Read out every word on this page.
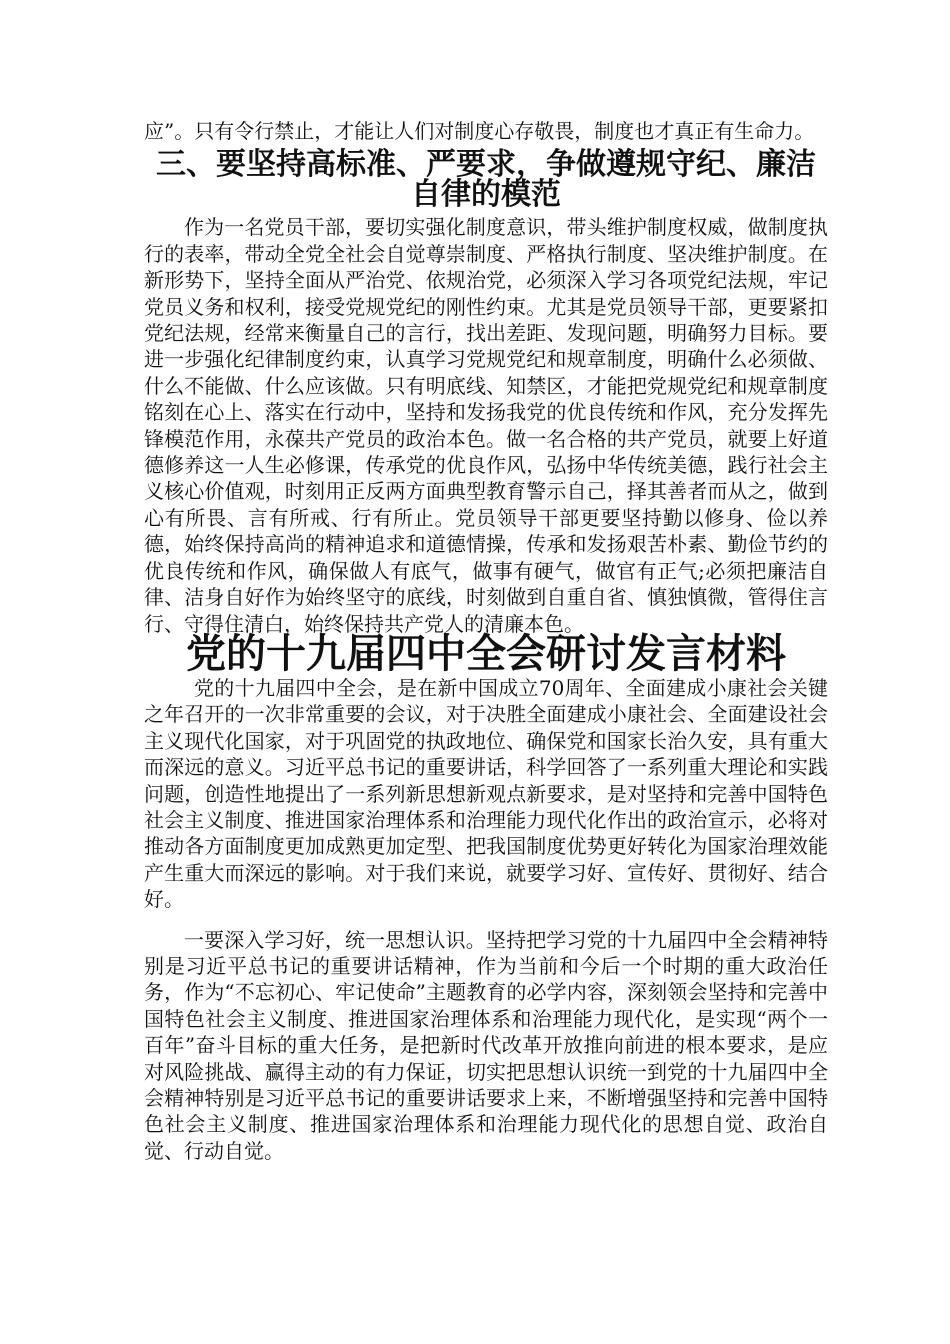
应”。只有令行禁止，才能让人们对制度心存敬畏，制度也才真正有生命力。

三、要坚持高标准、严要求，争做遵规守纪、廉洁自律的模范

作为一名党员干部，要切实强化制度意识，带头维护制度权威，做制度执行的表率，带动全党全社会自觉尊崇制度、严格执行制度、坚决维护制度。在新形势下，坚持全面从严治党、依规治党，必须深入学习各项党纪法规，牢记党员义务和权利，接受党规党纪的刚性约束。尤其是党员领导干部，更要紧扣党纪法规，经常来衡量自己的言行，找出差距、发现问题，明确努力目标。要进一步强化纪律制度约束，认真学习党规党纪和规章制度，明确什么必须做、什么不能做、什么应该做。只有明底线、知禁区，才能把党规党纪和规章制度铭刻在心上、落实在行动中，坚持和发扬我党的优良传统和作风，充分发挥先锋模范作用，永葆共产党员的政治本色。做一名合格的共产党员，就要上好道德修养这一人生必修课，传承党的优良作风，弘扬中华传统美德，践行社会主义核心价值观，时刻用正反两方面典型教育警示自己，择其善者而从之，做到心有所畏、言有所戒、行有所止。党员领导干部更要坚持勤以修身、俭以养德，始终保持高尚的精神追求和道德情操，传承和发扬艰苦朴素、勤俭节约的优良传统和作风，确保做人有底气，做事有硬气，做官有正气;必须把廉洁自律、洁身自好作为始终坚守的底线，时刻做到自重自省、慎独慎微，管得住言行、守得住清白，始终保持共产党人的清廉本色。

党的十九届四中全会研讨发言材料

党的十九届四中全会，是在新中国成立70周年、全面建成小康社会关键之年召开的一次非常重要的会议，对于决胜全面建成小康社会、全面建设社会主义现代化国家，对于巩固党的执政地位、确保党和国家长治久安，具有重大而深远的意义。习近平总书记的重要讲话，科学回答了一系列重大理论和实践问题，创造性地提出了一系列新思想新观点新要求，是对坚持和完善中国特色社会主义制度、推进国家治理体系和治理能力现代化作出的政治宣示，必将对推动各方面制度更加成熟更加定型、把我国制度优势更好转化为国家治理效能产生重大而深远的影响。对于我们来说，就要学习好、宣传好、贯彻好、结合好。

一要深入学习好，统一思想认识。坚持把学习党的十九届四中全会精神特别是习近平总书记的重要讲话精神，作为当前和今后一个时期的重大政治任务，作为“不忘初心、牢记使命”主题教育的必学内容，深刻领会坚持和完善中国特色社会主义制度、推进国家治理体系和治理能力现代化，是实现“两个一百年”奋斗目标的重大任务，是把新时代改革开放推向前进的根本要求，是应对风险挑战、赢得主动的有力保证，切实把思想认识统一到党的十九届四中全会精神特别是习近平总书记的重要讲话要求上来，不断增强坚持和完善中国特色社会主义制度、推进国家治理体系和治理能力现代化的思想自觉、政治自觉、行动自觉。
